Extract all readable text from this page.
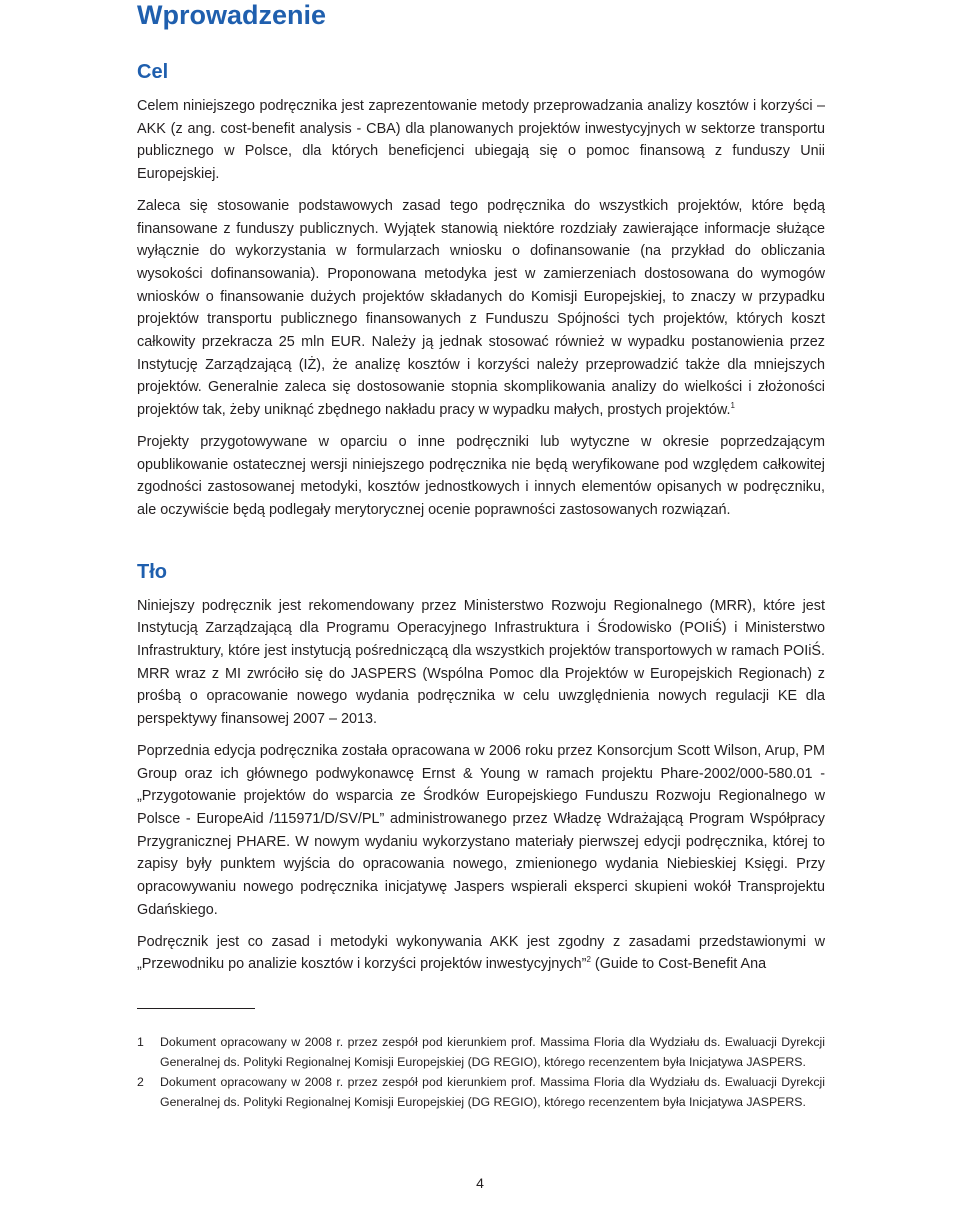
Wprowadzenie
Cel

Celem niniejszego podręcznika jest zaprezentowanie metody przeprowadzania analizy kosztów i korzyści – AKK (z ang. cost-benefit analysis - CBA) dla planowanych projektów inwestycyjnych w sektorze transportu publicznego w Polsce, dla których beneficjenci ubiegają się o pomoc finansową z funduszy Unii Europejskiej.

Zaleca się stosowanie podstawowych zasad tego podręcznika do wszystkich projektów, które będą finansowane z funduszy publicznych. Wyjątek stanowią niektóre rozdziały zawierające informacje służące wyłącznie do wykorzystania w formularzach wniosku o dofinansowanie (na przykład do obliczania wysokości dofinansowania). Proponowana metodyka jest w zamierzeniach dostosowana do wymogów wniosków o finansowanie dużych projektów składanych do Komisji Europejskiej, to znaczy w przypadku projektów transportu publicznego finansowanych z Funduszu Spójności tych projektów, których koszt całkowity przekracza 25 mln EUR. Należy ją jednak stosować również w wypadku postanowienia przez Instytucję Zarządzającą (IŻ), że analizę kosztów i korzyści należy przeprowadzić także dla mniejszych projektów. Generalnie zaleca się dostosowanie stopnia skomplikowania analizy do wielkości i złożoności projektów tak, żeby uniknąć zbędnego nakładu pracy w wypadku małych, prostych projektów.$^1$

Projekty przygotowywane w oparciu o inne podręczniki lub wytyczne w okresie poprzedzającym opublikowanie ostatecznej wersji niniejszego podręcznika nie będą weryfikowane pod względem całkowitej zgodności zastosowanej metodyki, kosztów jednostkowych i innych elementów opisanych w podręczniku, ale oczywiście będą podlegały merytorycznej ocenie poprawności zastosowanych rozwiązań.

Tło

Niniejszy podręcznik jest rekomendowany przez Ministerstwo Rozwoju Regionalnego (MRR), które jest Instytucją Zarządzającą dla Programu Operacyjnego Infrastruktura i Środowisko (POIiŚ) i Ministerstwo Infrastruktury, które jest instytucją pośredniczącą dla wszystkich projektów transportowych w ramach POIiŚ. MRR wraz z MI zwróciło się do JASPERS (Wspólna Pomoc dla Projektów w Europejskich Regionach) z prośbą o opracowanie nowego wydania podręcznika w celu uwzględnienia nowych regulacji KE dla perspektywy finansowej 2007 – 2013.

Poprzednia edycja podręcznika została opracowana w 2006 roku przez Konsorcjum Scott Wilson, Arup, PM Group oraz ich głównego podwykonawcę Ernst & Young w ramach projektu Phare-2002/000-580.01 - „Przygotowanie projektów do wsparcia ze Środków Europejskiego Funduszu Rozwoju Regionalnego w Polsce - EuropeAid /115971/D/SV/PL” administrowanego przez Władzę Wdrażającą Program Współpracy Przygranicznej PHARE. W nowym wydaniu wykorzystano materiały pierwszej edycji podręcznika, której to zapisy były punktem wyjścia do opracowania nowego, zmienionego wydania Niebieskiej Księgi. Przy opracowywaniu nowego podręcznika inicjatywę Jaspers wspierali eksperci skupieni wokół Transprojektu Gdańskiego.

Podręcznik jest co zasad i metodyki wykonywania AKK jest zgodny z zasadami przedstawionymi w „Przewodniku po analizie kosztów i korzyści projektów inwestycyjnych”$^2$ (Guide to Cost-Benefit Ana

1 Dokument opracowany w 2008 r. przez zespół pod kierunkiem prof. Massima Floria dla Wydziału ds. Ewaluacji Dyrekcji Generalnej ds. Polityki Regionalnej Komisji Europejskiej (DG REGIO), którego recenzentem była Inicjatywa JASPERS.
2 Dokument opracowany w 2008 r. przez zespół pod kierunkiem prof. Massima Floria dla Wydziału ds. Ewaluacji Dyrekcji Generalnej ds. Polityki Regionalnej Komisji Europejskiej (DG REGIO), którego recenzentem była Inicjatywa JASPERS.
4
